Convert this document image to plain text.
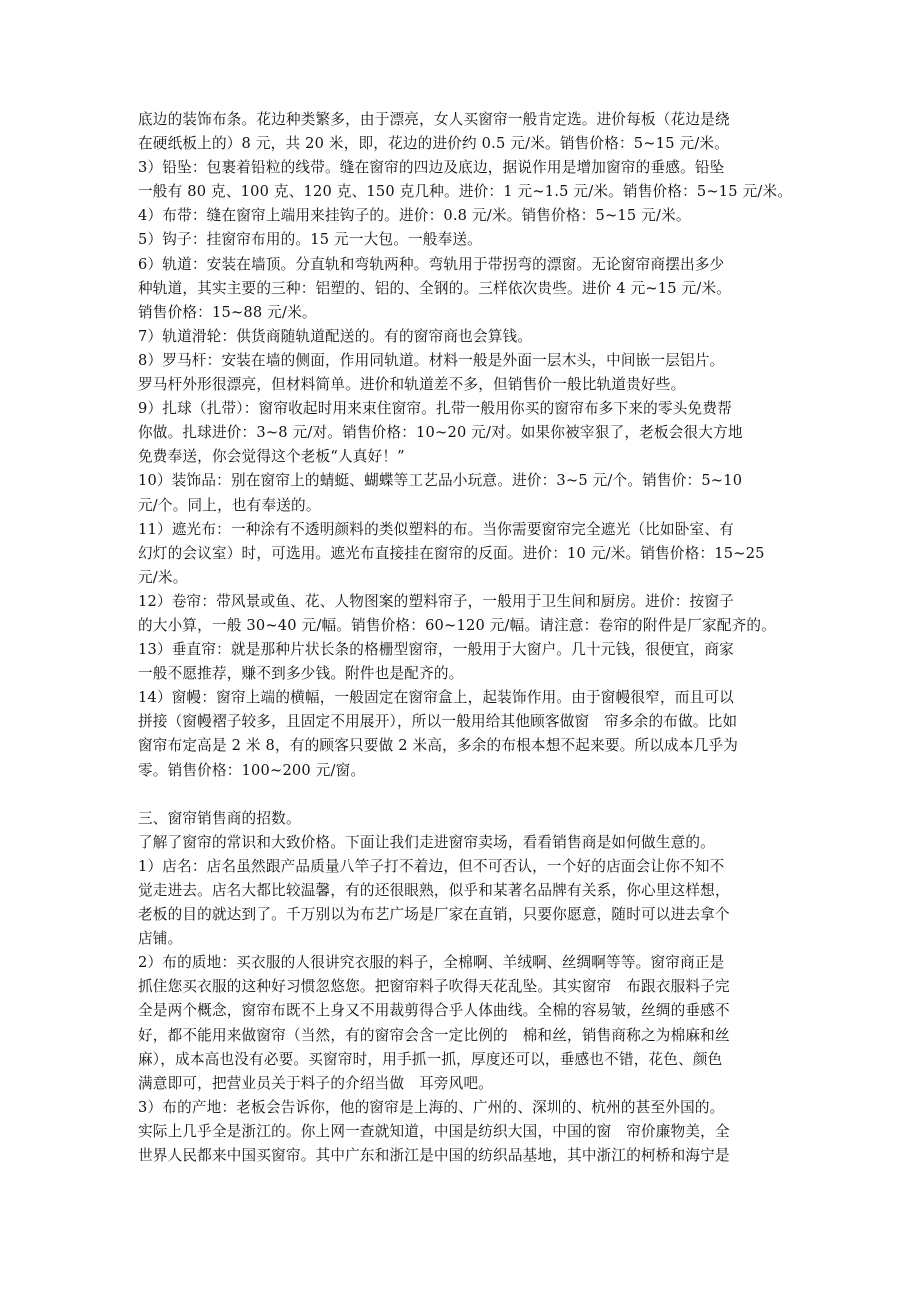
底边的装饰布条。花边种类繁多，由于漂亮，女人买窗帘一般肯定选。进价每板（花边是绕

在硬纸板上的）8 元，共 20 米，即，花边的进价约 0.5 元/米。销售价格：5~15 元/米。

3）铅坠：包裹着铅粒的线带。缝在窗帘的四边及底边，据说作用是增加窗帘的垂感。铅坠

一般有 80 克、100 克、120 克、150 克几种。进价：1 元~1.5 元/米。销售价格：5~15 元/米。

4）布带：缝在窗帘上端用来挂钩子的。进价：0.8 元/米。销售价格：5~15 元/米。

5）钩子：挂窗帘布用的。15 元一大包。一般奉送。

6）轨道：安装在墙顶。分直轨和弯轨两种。弯轨用于带拐弯的漂窗。无论窗帘商摆出多少

种轨道，其实主要的三种：铝塑的、铝的、全钢的。三样依次贵些。进价 4 元~15 元/米。

销售价格：15~88 元/米。

7）轨道滑轮：供货商随轨道配送的。有的窗帘商也会算钱。

8）罗马杆：安装在墙的侧面，作用同轨道。材料一般是外面一层木头，中间嵌一层铝片。

罗马杆外形很漂亮，但材料简单。进价和轨道差不多，但销售价一般比轨道贵好些。

9）扎球（扎带）：窗帘收起时用来束住窗帘。扎带一般用你买的窗帘布多下来的零头免费帮

你做。扎球进价：3~8 元/对。销售价格：10~20 元/对。如果你被宰狠了，老板会很大方地

免费奉送，你会觉得这个老板“人真好！”

10）装饰品：别在窗帘上的蜻蜓、蝴蝶等工艺品小玩意。进价：3~5 元/个。销售价：5~10

元/个。同上，也有奉送的。

11）遮光布：一种涂有不透明颜料的类似塑料的布。当你需要窗帘完全遮光（比如卧室、有

幻灯的会议室）时，可选用。遮光布直接挂在窗帘的反面。进价：10 元/米。销售价格：15~25

元/米。

12）卷帘：带风景或鱼、花、人物图案的塑料帘子，一般用于卫生间和厨房。进价：按窗子

的大小算，一般 30~40 元/幅。销售价格：60~120 元/幅。请注意：卷帘的附件是厂家配齐的。

13）垂直帘：就是那种片状长条的格栅型窗帘，一般用于大窗户。几十元钱，很便宜，商家

一般不愿推荐，赚不到多少钱。附件也是配齐的。

14）窗幔：窗帘上端的横幅，一般固定在窗帘盒上，起装饰作用。由于窗幔很窄，而且可以

拼接（窗幔褶子较多，且固定不用展开），所以一般用给其他顾客做窗　帘多余的布做。比如

窗帘布定高是 2 米 8，有的顾客只要做 2 米高，多余的布根本想不起来要。所以成本几乎为

零。销售价格：100~200 元/窗。

三、窗帘销售商的招数。

了解了窗帘的常识和大致价格。下面让我们走进窗帘卖场，看看销售商是如何做生意的。

1）店名：店名虽然跟产品质量八竿子打不着边，但不可否认，一个好的店面会让你不知不

觉走进去。店名大都比较温馨，有的还很眼熟，似乎和某著名品牌有关系，你心里这样想，

老板的目的就达到了。千万别以为布艺广场是厂家在直销，只要你愿意，随时可以进去拿个

店铺。

2）布的质地：买衣服的人很讲究衣服的料子，全棉啊、羊绒啊、丝绸啊等等。窗帘商正是

抓住您买衣服的这种好习惯忽悠您。把窗帘料子吹得天花乱坠。其实窗帘　布跟衣服料子完

全是两个概念，窗帘布既不上身又不用裁剪得合乎人体曲线。全棉的容易皱，丝绸的垂感不

好，都不能用来做窗帘（当然，有的窗帘会含一定比例的　棉和丝，销售商称之为棉麻和丝

麻），成本高也没有必要。买窗帘时，用手抓一抓，厚度还可以，垂感也不错，花色、颜色

满意即可，把营业员关于料子的介绍当做　耳旁风吧。

3）布的产地：老板会告诉你，他的窗帘是上海的、广州的、深圳的、杭州的甚至外国的。

实际上几乎全是浙江的。你上网一查就知道，中国是纺织大国，中国的窗　帘价廉物美，全

世界人民都来中国买窗帘。其中广东和浙江是中国的纺织品基地，其中浙江的柯桥和海宁是
